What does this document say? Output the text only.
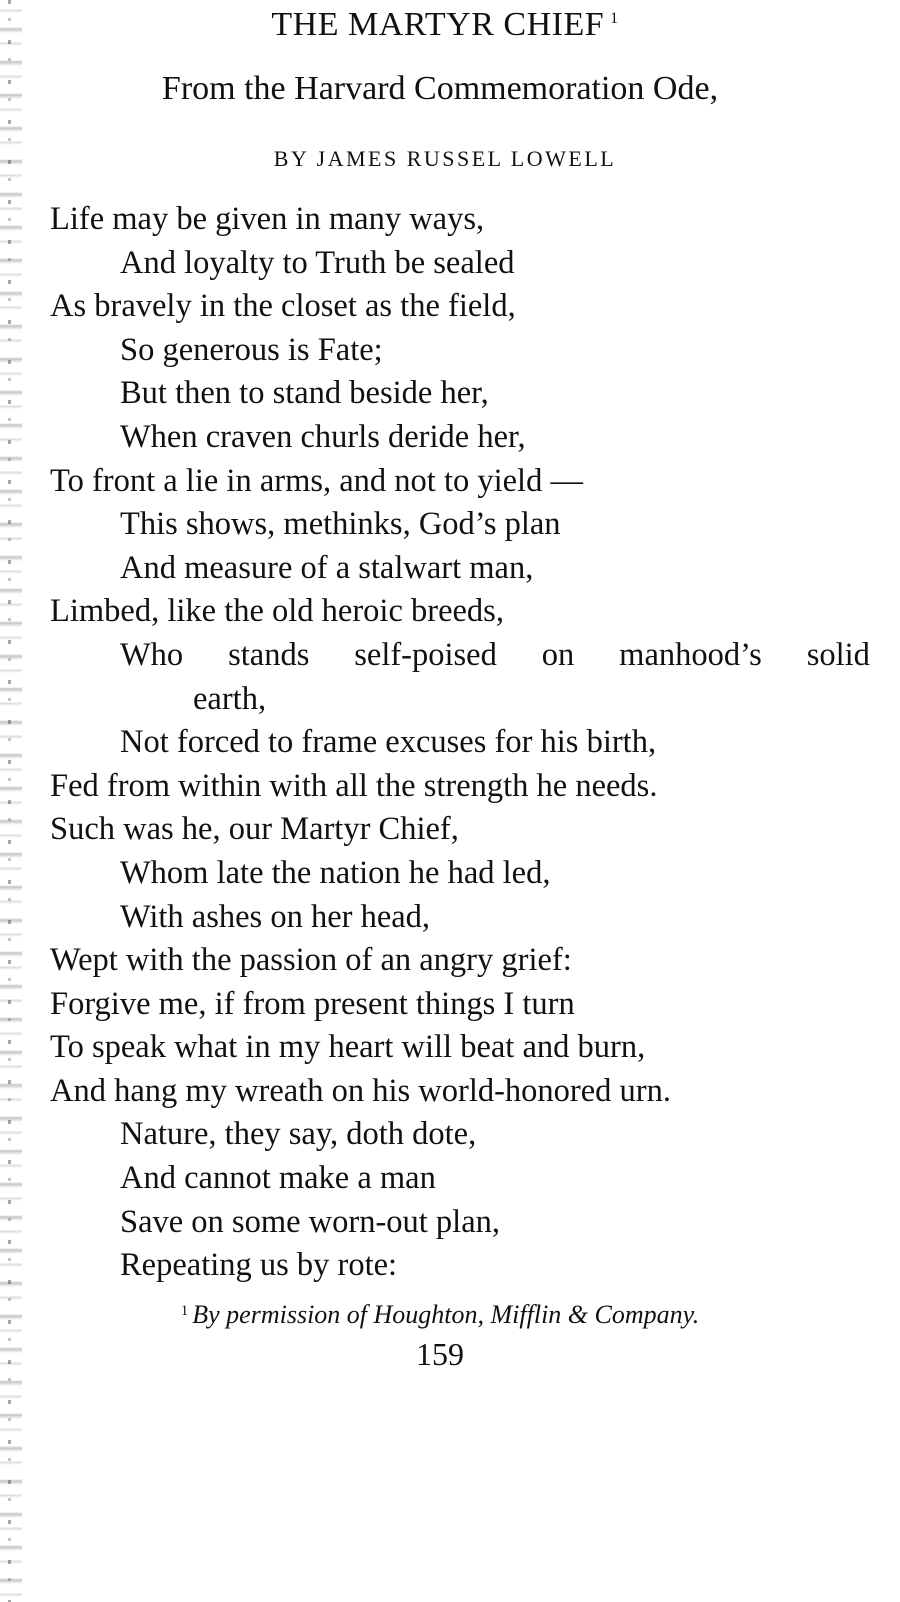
THE MARTYR CHIEF $^1$

From the Harvard Commemoration Ode,

BY JAMES RUSSEL LOWELL

Life may be given in many ways,
And loyalty to Truth be sealed
As bravely in the closet as the field,
So generous is Fate;
But then to stand beside her,
When craven churls deride her,
To front a lie in arms, and not to yield —
This shows, methinks, God’s plan
And measure of a stalwart man,
Limbed, like the old heroic breeds,
Who stands self-poised on manhood’s solid
earth,
Not forced to frame excuses for his birth,
Fed from within with all the strength he needs.
Such was he, our Martyr Chief,
Whom late the nation he had led,
With ashes on her head,
Wept with the passion of an angry grief:
Forgive me, if from present things I turn
To speak what in my heart will beat and burn,
And hang my wreath on his world-honored urn.
Nature, they say, doth dote,
And cannot make a man
Save on some worn-out plan,
Repeating us by rote:

$^1$ By permission of Houghton, Mifflin & Company.

159
